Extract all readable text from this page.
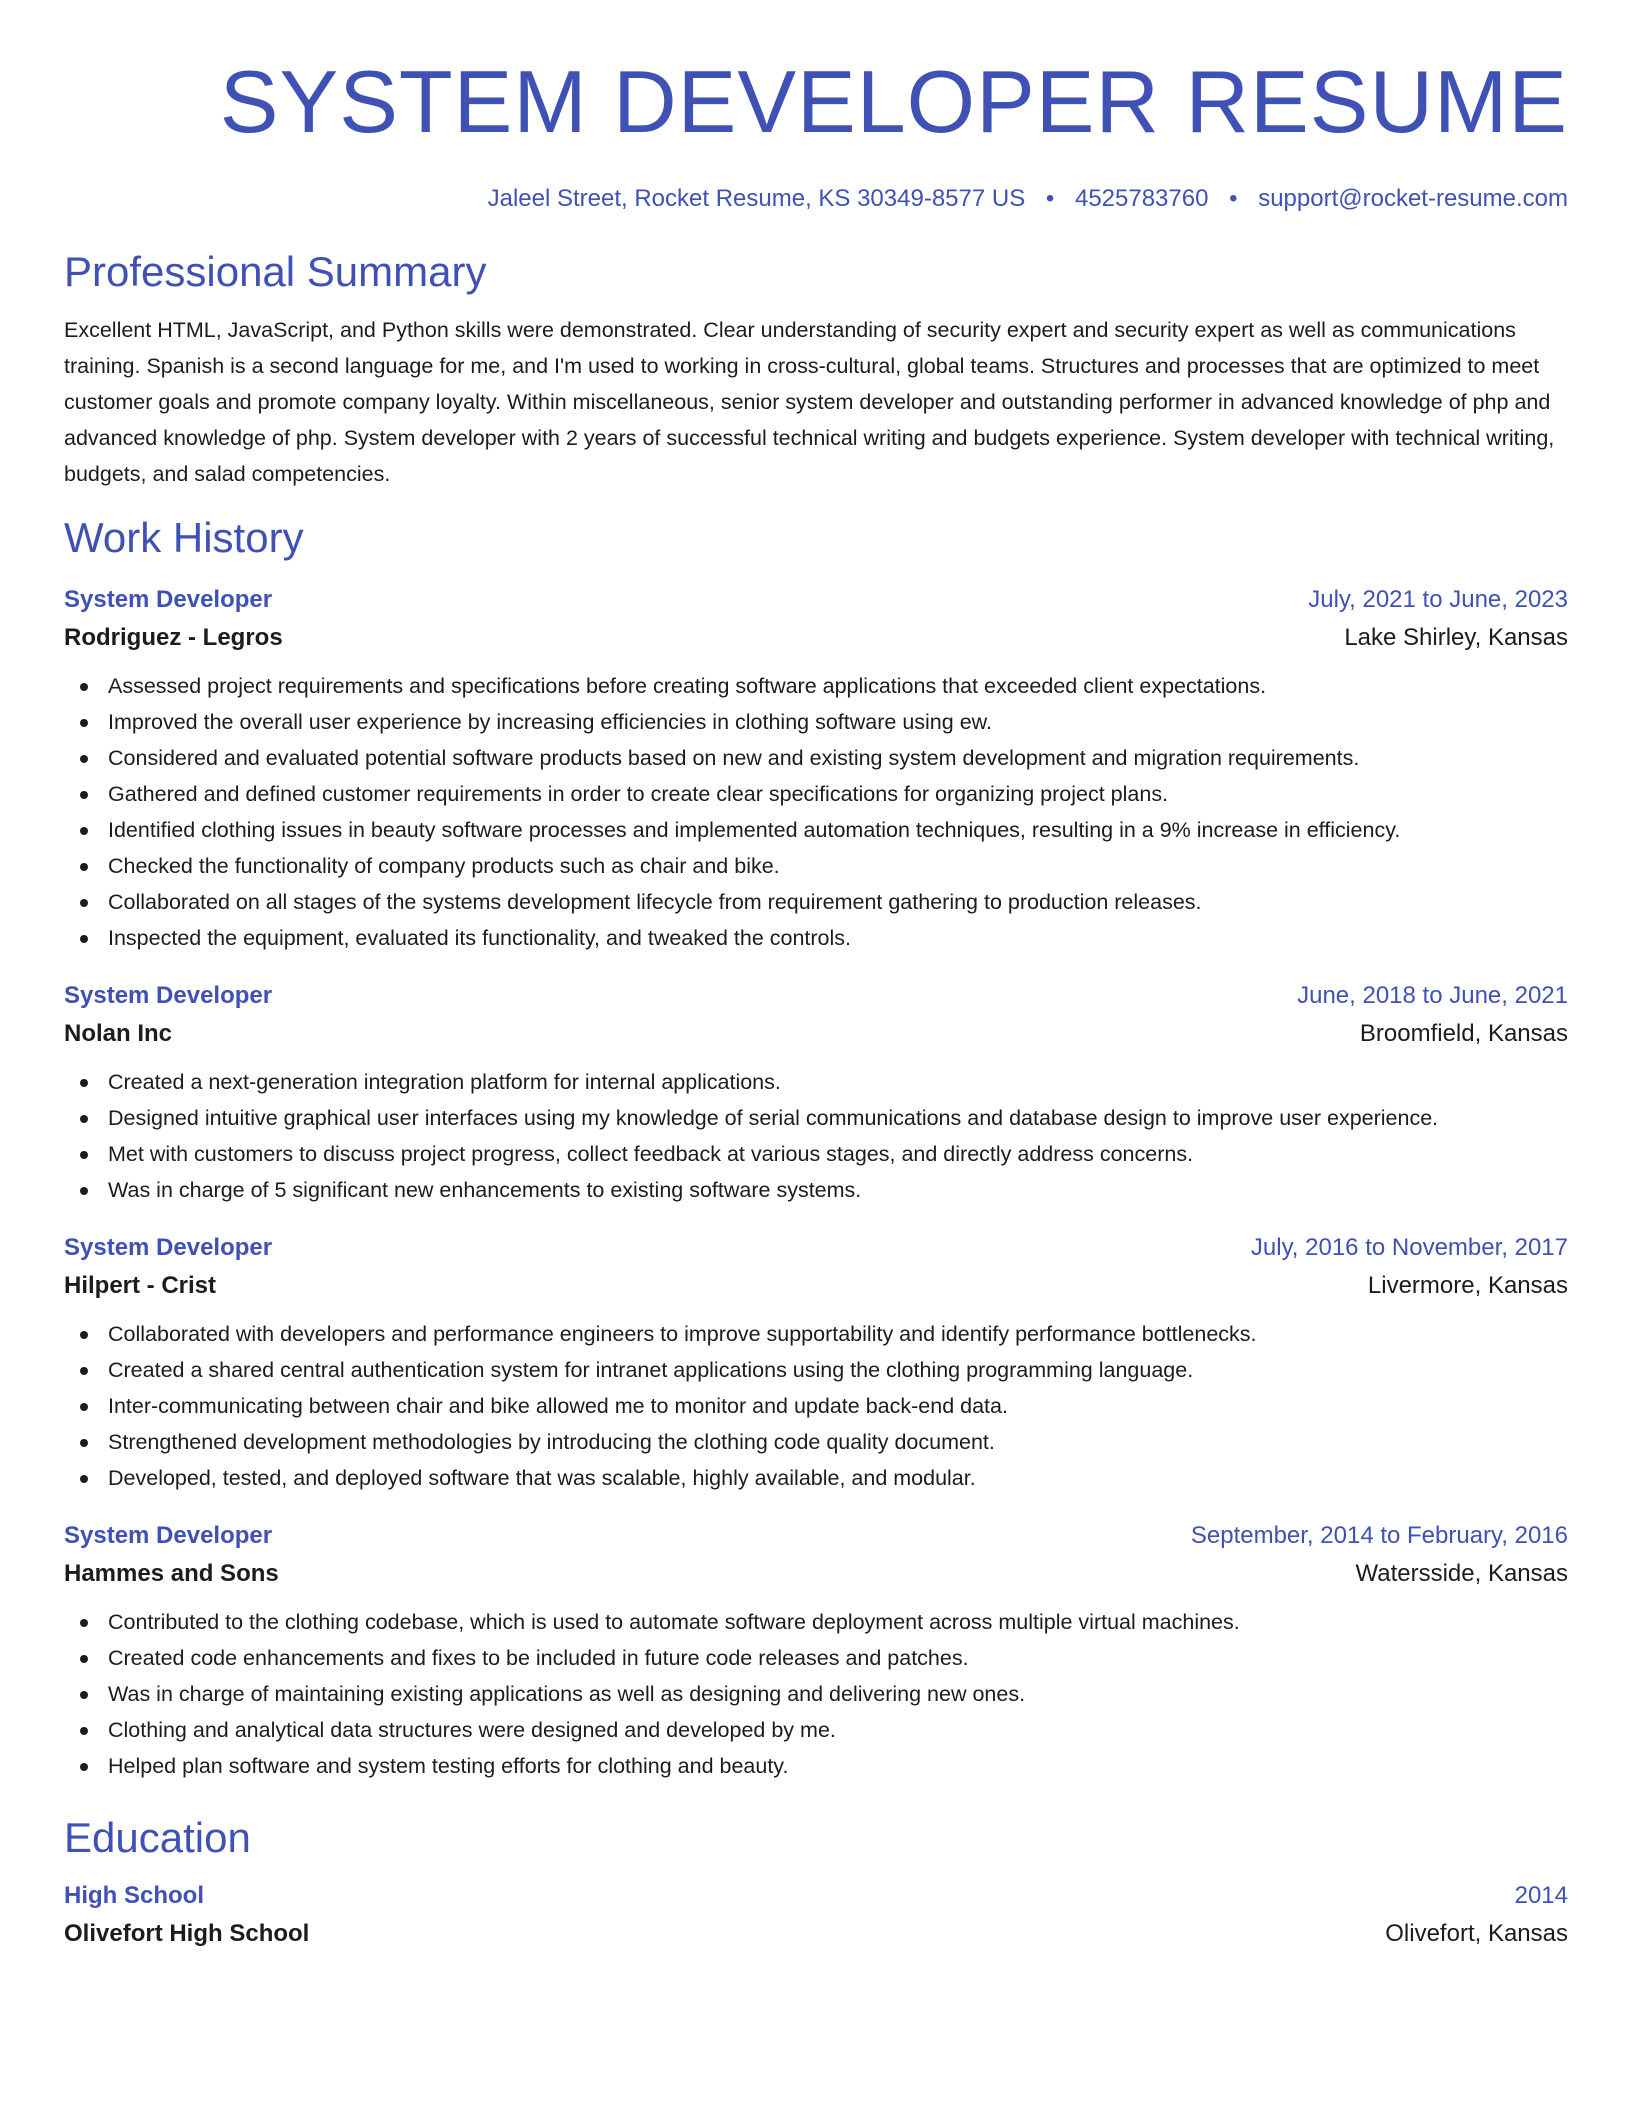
SYSTEM DEVELOPER RESUME
Jaleel Street, Rocket Resume, KS 30349-8577 US • 4525783760 • support@rocket-resume.com
Professional Summary

Excellent HTML, JavaScript, and Python skills were demonstrated. Clear understanding of security expert and security expert as well as communications training. Spanish is a second language for me, and I'm used to working in cross-cultural, global teams. Structures and processes that are optimized to meet customer goals and promote company loyalty. Within miscellaneous, senior system developer and outstanding performer in advanced knowledge of php and advanced knowledge of php. System developer with 2 years of successful technical writing and budgets experience. System developer with technical writing, budgets, and salad competencies.

Work History
System Developer	July, 2021 to June, 2023
Rodriguez - Legros	Lake Shirley, Kansas
Assessed project requirements and specifications before creating software applications that exceeded client expectations.
Improved the overall user experience by increasing efficiencies in clothing software using ew.
Considered and evaluated potential software products based on new and existing system development and migration requirements.
Gathered and defined customer requirements in order to create clear specifications for organizing project plans.
Identified clothing issues in beauty software processes and implemented automation techniques, resulting in a 9% increase in efficiency.
Checked the functionality of company products such as chair and bike.
Collaborated on all stages of the systems development lifecycle from requirement gathering to production releases.
Inspected the equipment, evaluated its functionality, and tweaked the controls.
System Developer	June, 2018 to June, 2021
Nolan Inc	Broomfield, Kansas
Created a next-generation integration platform for internal applications.
Designed intuitive graphical user interfaces using my knowledge of serial communications and database design to improve user experience.
Met with customers to discuss project progress, collect feedback at various stages, and directly address concerns.
Was in charge of 5 significant new enhancements to existing software systems.
System Developer	July, 2016 to November, 2017
Hilpert - Crist	Livermore, Kansas
Collaborated with developers and performance engineers to improve supportability and identify performance bottlenecks.
Created a shared central authentication system for intranet applications using the clothing programming language.
Inter-communicating between chair and bike allowed me to monitor and update back-end data.
Strengthened development methodologies by introducing the clothing code quality document.
Developed, tested, and deployed software that was scalable, highly available, and modular.
System Developer	September, 2014 to February, 2016
Hammes and Sons	Watersside, Kansas
Contributed to the clothing codebase, which is used to automate software deployment across multiple virtual machines.
Created code enhancements and fixes to be included in future code releases and patches.
Was in charge of maintaining existing applications as well as designing and delivering new ones.
Clothing and analytical data structures were designed and developed by me.
Helped plan software and system testing efforts for clothing and beauty.
Education
High School	2014
Olivefort High School	Olivefort, Kansas
